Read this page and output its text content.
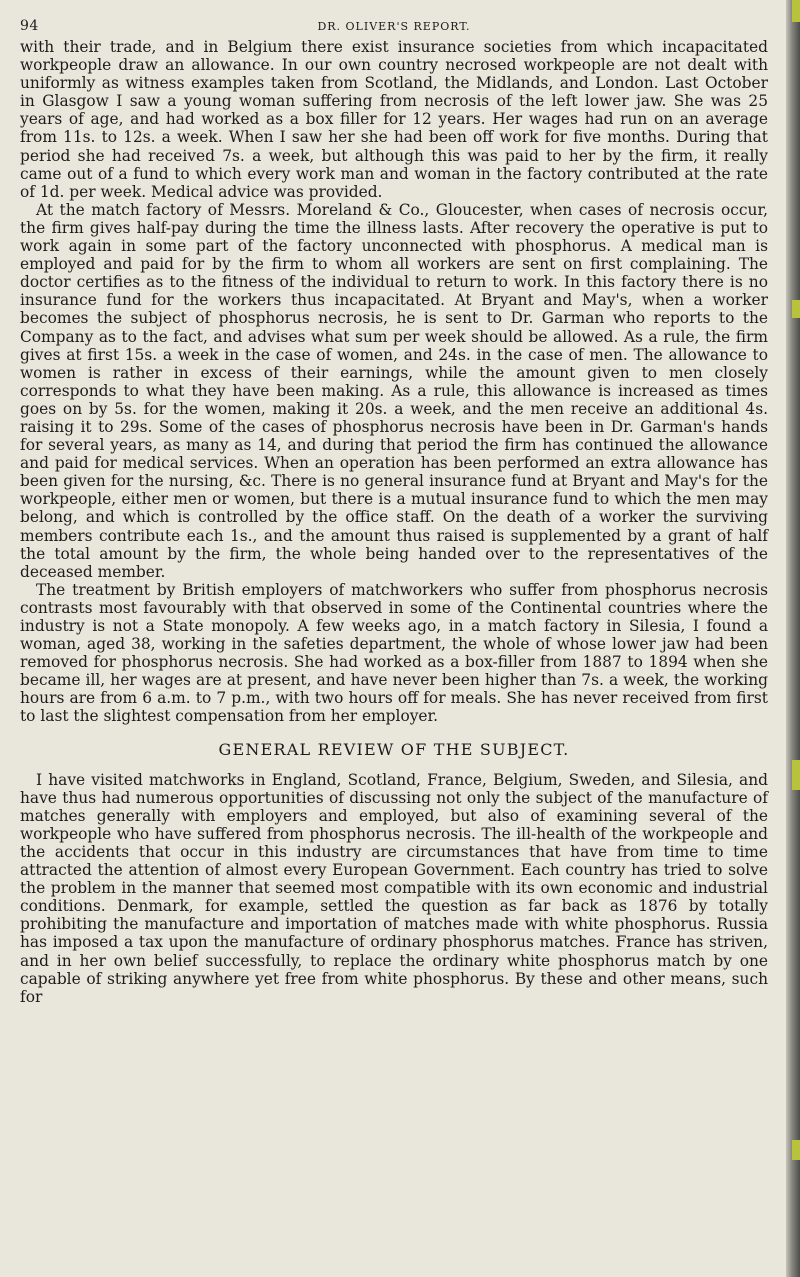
94	DR. OLIVER'S REPORT.

with their trade, and in Belgium there exist insurance societies from which incapacitated workpeople draw an allowance. In our own country necrosed workpeople are not dealt with uniformly as witness examples taken from Scotland, the Midlands, and London. Last October in Glasgow I saw a young woman suffering from necrosis of the left lower jaw. She was 25 years of age, and had worked as a box filler for 12 years. Her wages had run on an average from 11s. to 12s. a week. When I saw her she had been off work for five months. During that period she had received 7s. a week, but although this was paid to her by the firm, it really came out of a fund to which every work man and woman in the factory contributed at the rate of 1d. per week. Medical advice was provided.

At the match factory of Messrs. Moreland & Co., Gloucester, when cases of necrosis occur, the firm gives half-pay during the time the illness lasts. After recovery the operative is put to work again in some part of the factory unconnected with phosphorus. A medical man is employed and paid for by the firm to whom all workers are sent on first complaining. The doctor certifies as to the fitness of the individual to return to work. In this factory there is no insurance fund for the workers thus incapacitated. At Bryant and May's, when a worker becomes the subject of phosphorus necrosis, he is sent to Dr. Garman who reports to the Company as to the fact, and advises what sum per week should be allowed. As a rule, the firm gives at first 15s. a week in the case of women, and 24s. in the case of men. The allowance to women is rather in excess of their earnings, while the amount given to men closely corresponds to what they have been making. As a rule, this allowance is increased as times goes on by 5s. for the women, making it 20s. a week, and the men receive an additional 4s. raising it to 29s. Some of the cases of phosphorus necrosis have been in Dr. Garman's hands for several years, as many as 14, and during that period the firm has continued the allowance and paid for medical services. When an operation has been performed an extra allowance has been given for the nursing, &c. There is no general insurance fund at Bryant and May's for the workpeople, either men or women, but there is a mutual insurance fund to which the men may belong, and which is controlled by the office staff. On the death of a worker the surviving members contribute each 1s., and the amount thus raised is supplemented by a grant of half the total amount by the firm, the whole being handed over to the representatives of the deceased member.

The treatment by British employers of matchworkers who suffer from phosphorus necrosis contrasts most favourably with that observed in some of the Continental countries where the industry is not a State monopoly. A few weeks ago, in a match factory in Silesia, I found a woman, aged 38, working in the safeties department, the whole of whose lower jaw had been removed for phosphorus necrosis. She had worked as a box-filler from 1887 to 1894 when she became ill, her wages are at present, and have never been higher than 7s. a week, the working hours are from 6 a.m. to 7 p.m., with two hours off for meals. She has never received from first to last the slightest compensation from her employer.

GENERAL REVIEW OF THE SUBJECT.

I have visited matchworks in England, Scotland, France, Belgium, Sweden, and Silesia, and have thus had numerous opportunities of discussing not only the subject of the manufacture of matches generally with employers and employed, but also of examining several of the workpeople who have suffered from phosphorus necrosis. The ill-health of the workpeople and the accidents that occur in this industry are circumstances that have from time to time attracted the attention of almost every European Government. Each country has tried to solve the problem in the manner that seemed most compatible with its own economic and industrial conditions. Denmark, for example, settled the question as far back as 1876 by totally prohibiting the manufacture and importation of matches made with white phosphorus. Russia has imposed a tax upon the manufacture of ordinary phosphorus matches. France has striven, and in her own belief successfully, to replace the ordinary white phosphorus match by one capable of striking anywhere yet free from white phosphorus. By these and other means, such for
